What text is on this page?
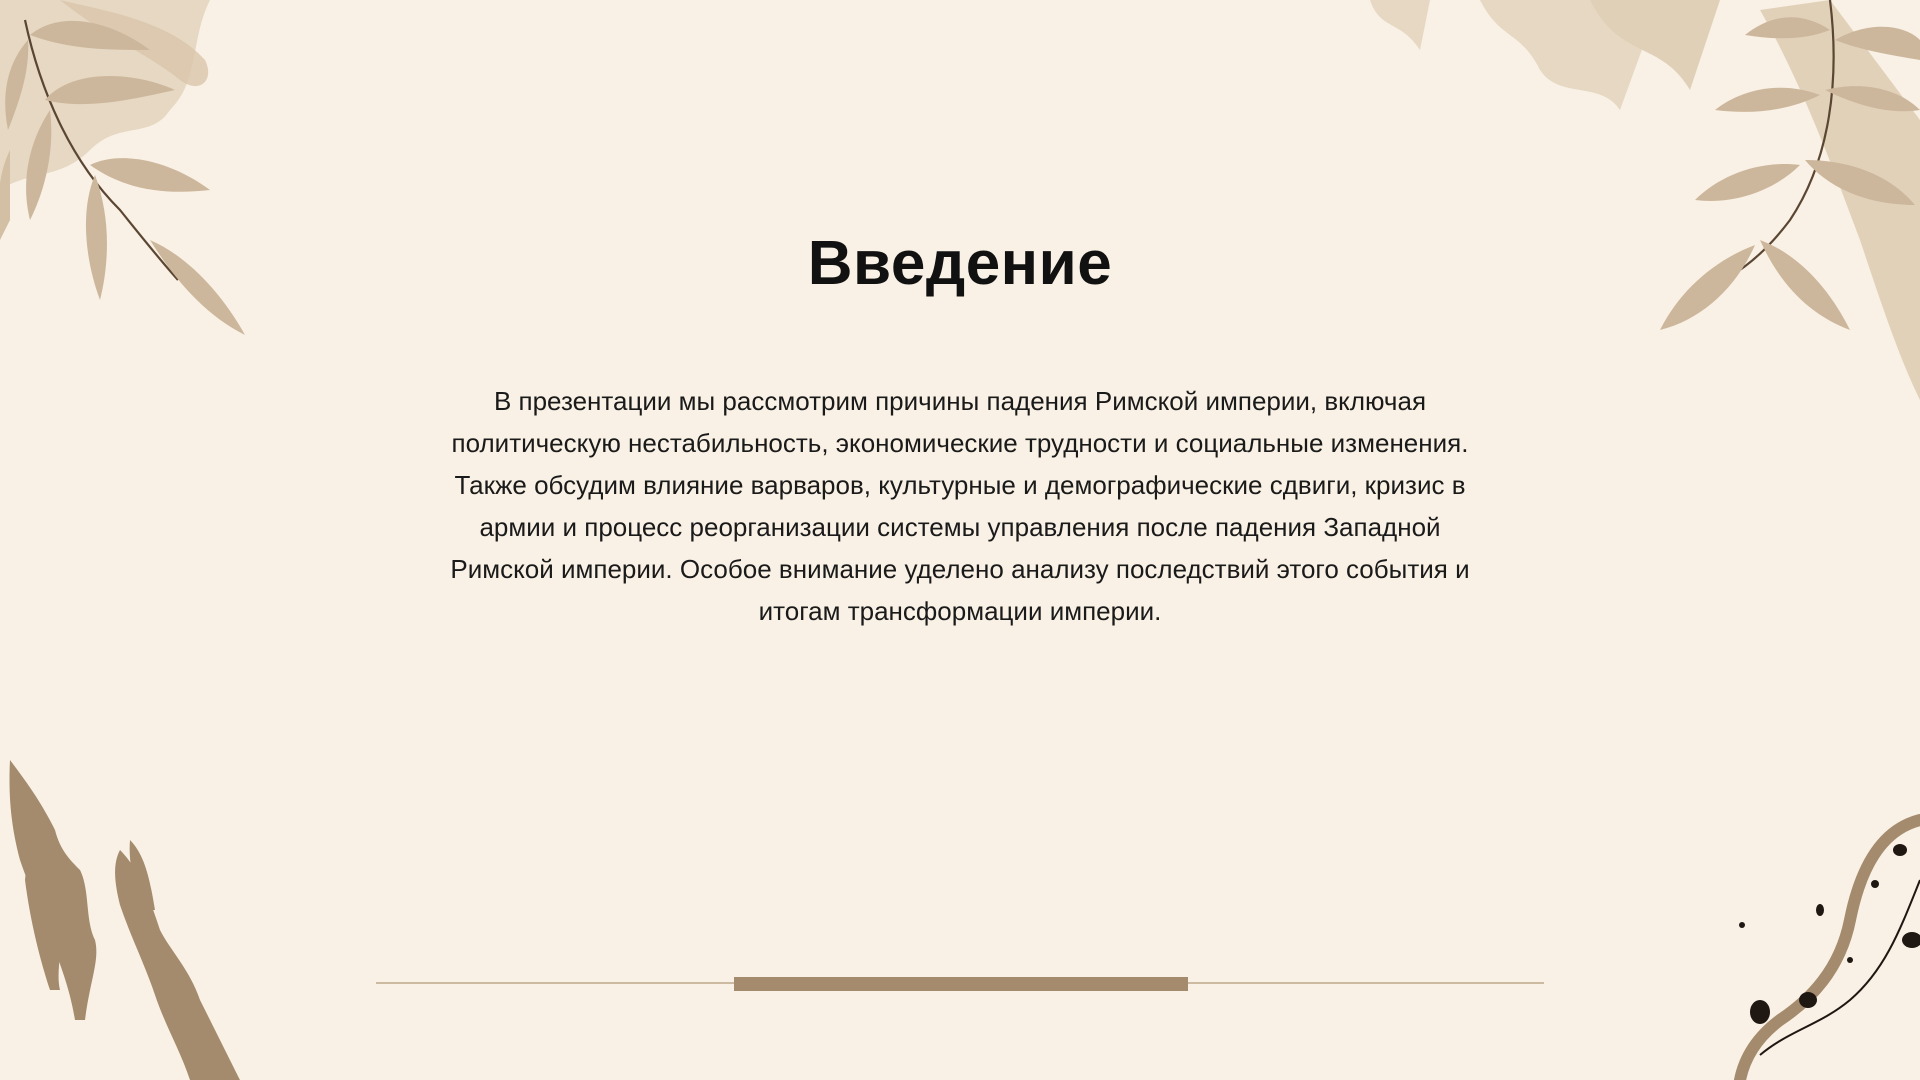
Введение

В презентации мы рассмотрим причины падения Римской империи, включая политическую нестабильность, экономические трудности и социальные изменения. Также обсудим влияние варваров, культурные и демографические сдвиги, кризис в армии и процесс реорганизации системы управления после падения Западной Римской империи. Особое внимание уделено анализу последствий этого события и итогам трансформации империи.
